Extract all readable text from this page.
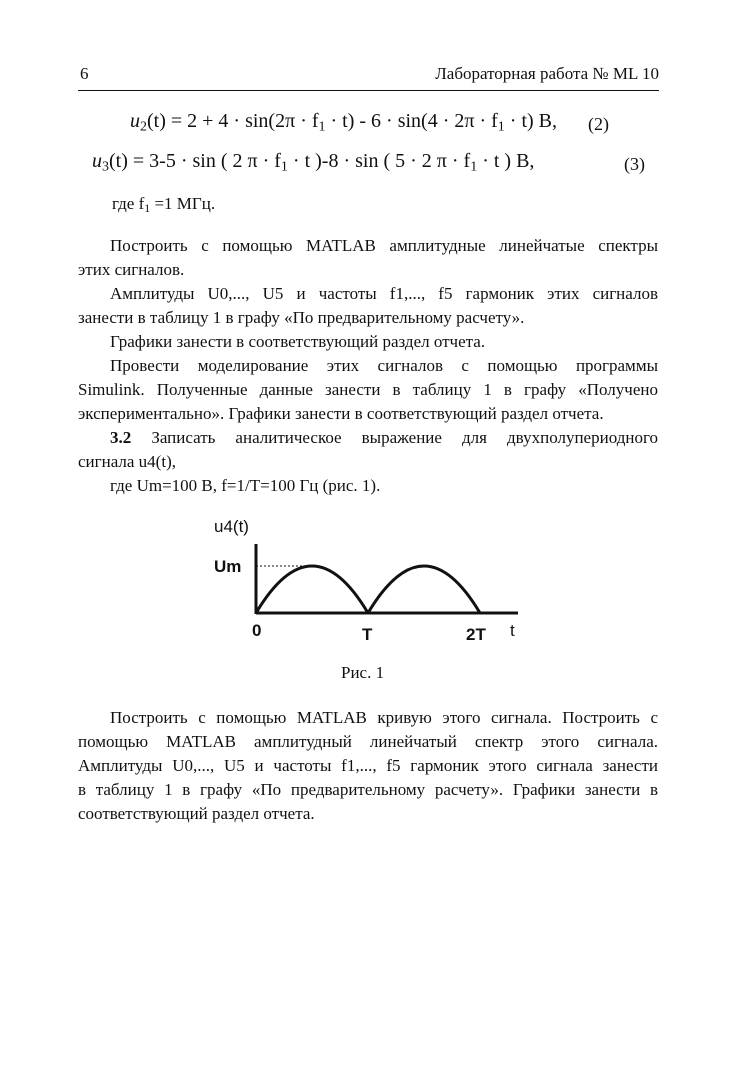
6	Лабораторная работа № ML 10
$u_2(t) = 2 + 4 \cdot \sin(2\pi \cdot f_1 \cdot t) - 6 \cdot \sin(4 \cdot 2\pi \cdot f_1 \cdot t)$ В, (2)
$u_3(t) = 3-5 \cdot \sin$ ( 2 $\pi \cdot f_1 \cdot t$ )-8 · sin ( 5 · 2 $\pi \cdot f_1 \cdot t$ ) В,	(3)
где $f_1 =1$ МГц.
Построить с помощью MATLAB амплитудные линейчатые спектры
этих сигналов.
Амплитуды U0,..., U5 и частоты f1,..., f5 гармоник этих сигналов
занести в таблицу 1 в графу «По предварительному расчету».
Графики занести в соответствующий раздел отчета.
Провести моделирование этих сигналов с помощью программы
Simulink. Полученные данные занести в таблицу 1 в графу «Получено
экспериментально». Графики занести в соответствующий раздел отчета.
3.2 Записать аналитическое выражение для двухполупериодного
сигнала u4(t),
где Um=100 В, f=1/T=100 Гц (рис. 1).
u4(t)
Um
0	T	2T t
Рис. 1
Построить с помощью MATLAB кривую этого сигнала. Построить с
помощью MATLAB амплитудный линейчатый спектр этого сигнала.
Амплитуды U0,..., U5 и частоты f1,..., f5 гармоник этого сигнала занести
в таблицу 1 в графу «По предварительному расчету». Графики занести в
соответствующий раздел отчета.
